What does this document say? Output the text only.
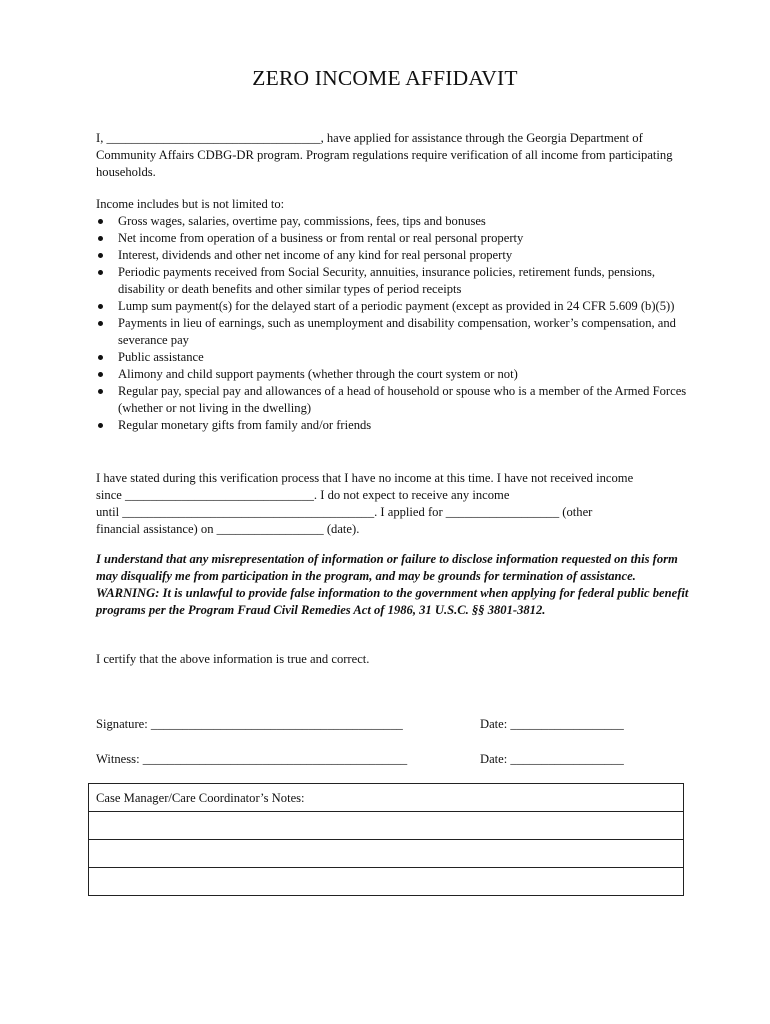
ZERO INCOME AFFIDAVIT

I, __________________________________, have applied for assistance through the Georgia Department of Community Affairs CDBG-DR program. Program regulations require verification of all income from participating households.

Income includes but is not limited to:

Gross wages, salaries, overtime pay, commissions, fees, tips and bonuses
Net income from operation of a business or from rental or real personal property
Interest, dividends and other net income of any kind for real personal property
Periodic payments received from Social Security, annuities, insurance policies, retirement funds, pensions, disability or death benefits and other similar types of period receipts
Lump sum payment(s) for the delayed start of a periodic payment (except as provided in 24 CFR 5.609 (b)(5))
Payments in lieu of earnings, such as unemployment and disability compensation, worker’s compensation, and severance pay
Public assistance
Alimony and child support payments (whether through the court system or not)
Regular pay, special pay and allowances of a head of household or spouse who is a member of the Armed Forces (whether or not living in the dwelling)
Regular monetary gifts from family and/or friends
I have stated during this verification process that I have no income at this time. I have not received income
since ______________________________. I do not expect to receive any income
until ________________________________________. I applied for __________________ (other
financial assistance) on _________________ (date).

I understand that any misrepresentation of information or failure to disclose information requested on this form may disqualify me from participation in the program, and may be grounds for termination of assistance. WARNING: It is unlawful to provide false information to the government when applying for federal public benefit programs per the Program Fraud Civil Remedies Act of 1986, 31 U.S.C. §§ 3801-3812.

I certify that the above information is true and correct.

Signature: ________________________________________	Date: __________________
Witness: __________________________________________	Date: __________________
Case Manager/Care Coordinator’s Notes:
